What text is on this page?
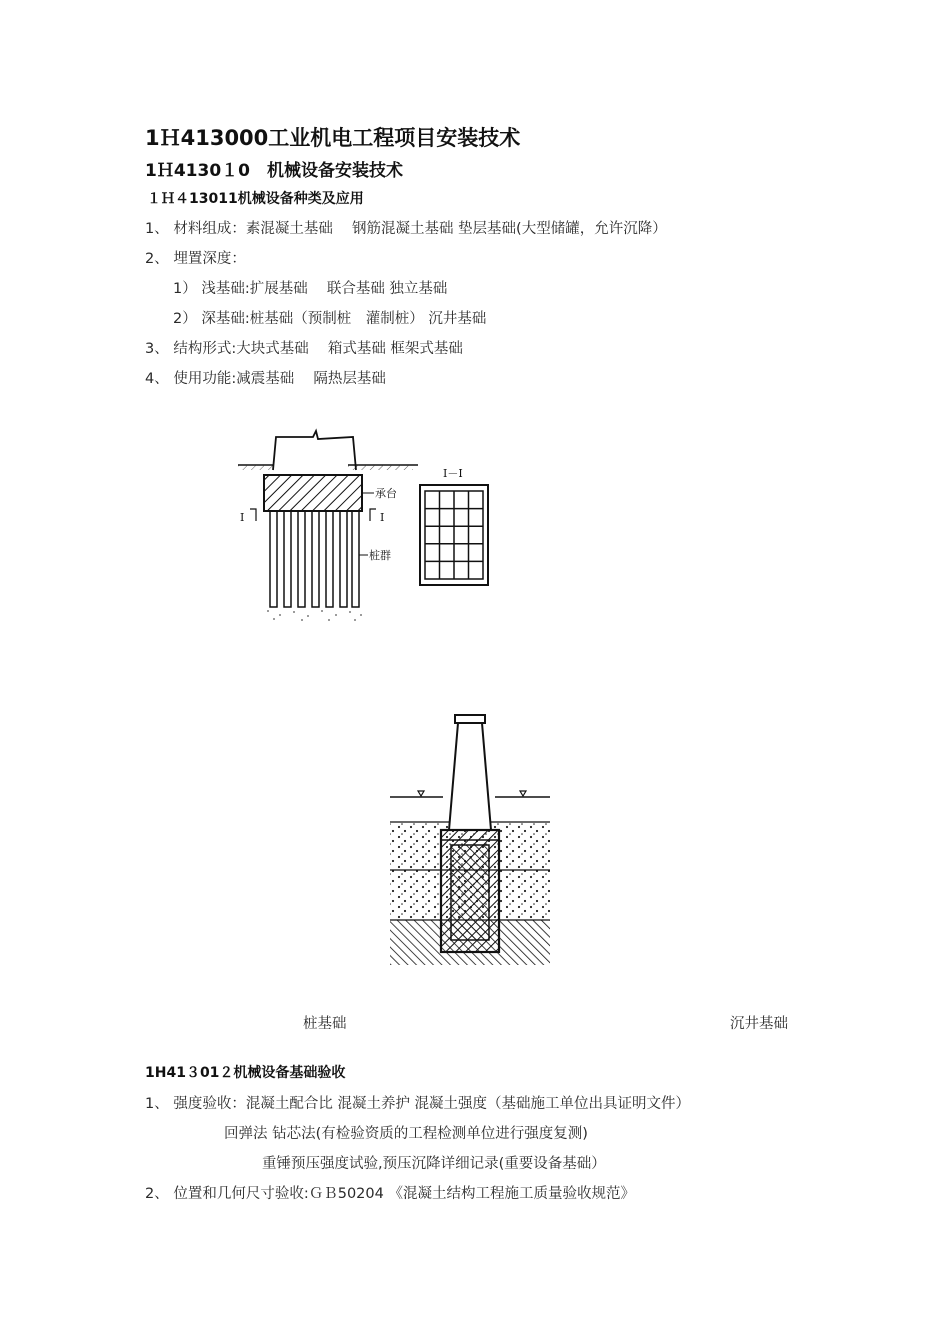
1Ｈ413000工业机电工程项目安装技术
1Ｈ4130１0　机械设备安装技术
１Ｈ４13011机械设备种类及应用
1、 材料组成：素混凝土基础　 钢筋混凝土基础 垫层基础(大型储罐，允许沉降）
2、 埋置深度：
1） 浅基础:扩展基础　 联合基础 独立基础
2） 深基础:桩基础（预制桩　灌制桩） 沉井基础
3、 结构形式:大块式基础　 箱式基础 框架式基础
4、 使用功能:减震基础　 隔热层基础
I	I
承台
桩群
I－I
桩基础	沉井基础
1H41３01２机械设备基础验收
1、 强度验收：混凝土配合比 混凝土养护 混凝土强度（基础施工单位出具证明文件）
回弹法 钻芯法(有检验资质的工程检测单位进行强度复测)
重锤预压强度试验,预压沉降详细记录(重要设备基础）
2、 位置和几何尺寸验收:ＧＢ50204 《混凝土结构工程施工质量验收规范》
